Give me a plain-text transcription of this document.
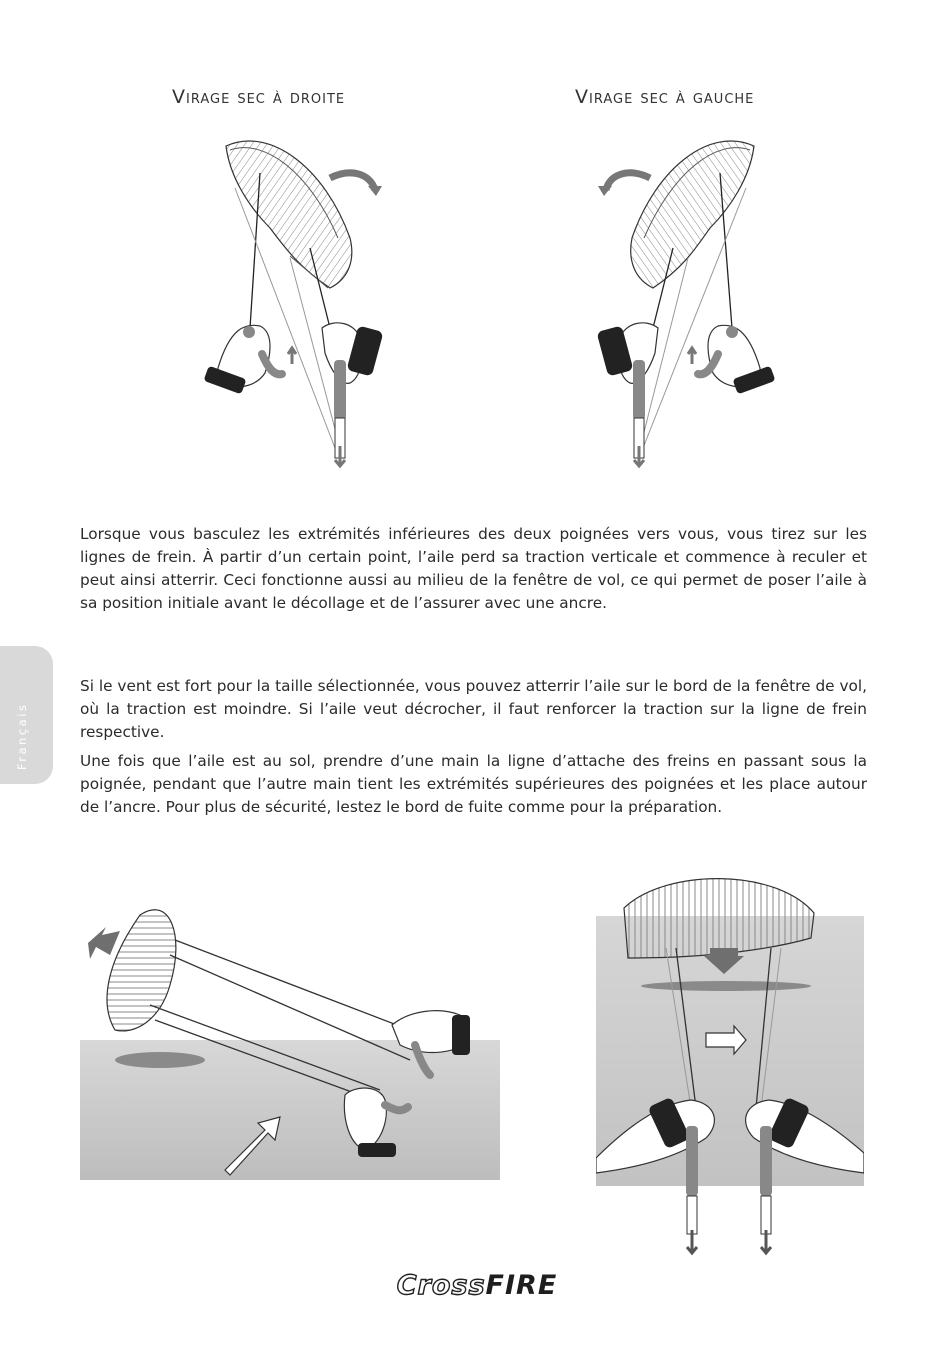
Virage sec à droite	Virage sec à gauche

Lorsque vous basculez les extrémités inférieures des deux poignées vers vous, vous tirez sur les lignes de frein. À partir d’un certain point, l’aile perd sa traction verticale et commence à reculer et peut ainsi atterrir. Ceci fonctionne aussi au milieu de la fenêtre de vol, ce qui permet de poser l’aile à sa position initiale avant le décollage et de l’assurer avec une ancre.

Français

Si le vent est fort pour la taille sélectionnée, vous pouvez atterrir l’aile sur le bord de la fenêtre de vol, où la traction est moindre. Si l’aile veut décrocher, il faut renforcer la traction sur la ligne de frein respective.

Une fois que l’aile est au sol, prendre d’une main la ligne d’attache des freins en passant sous la poignée, pendant que l’autre main tient les extrémités supérieures des poignées et les place autour de l’ancre. Pour plus de sécurité, lestez le bord de fuite comme pour la préparation.

CrossFIRE
